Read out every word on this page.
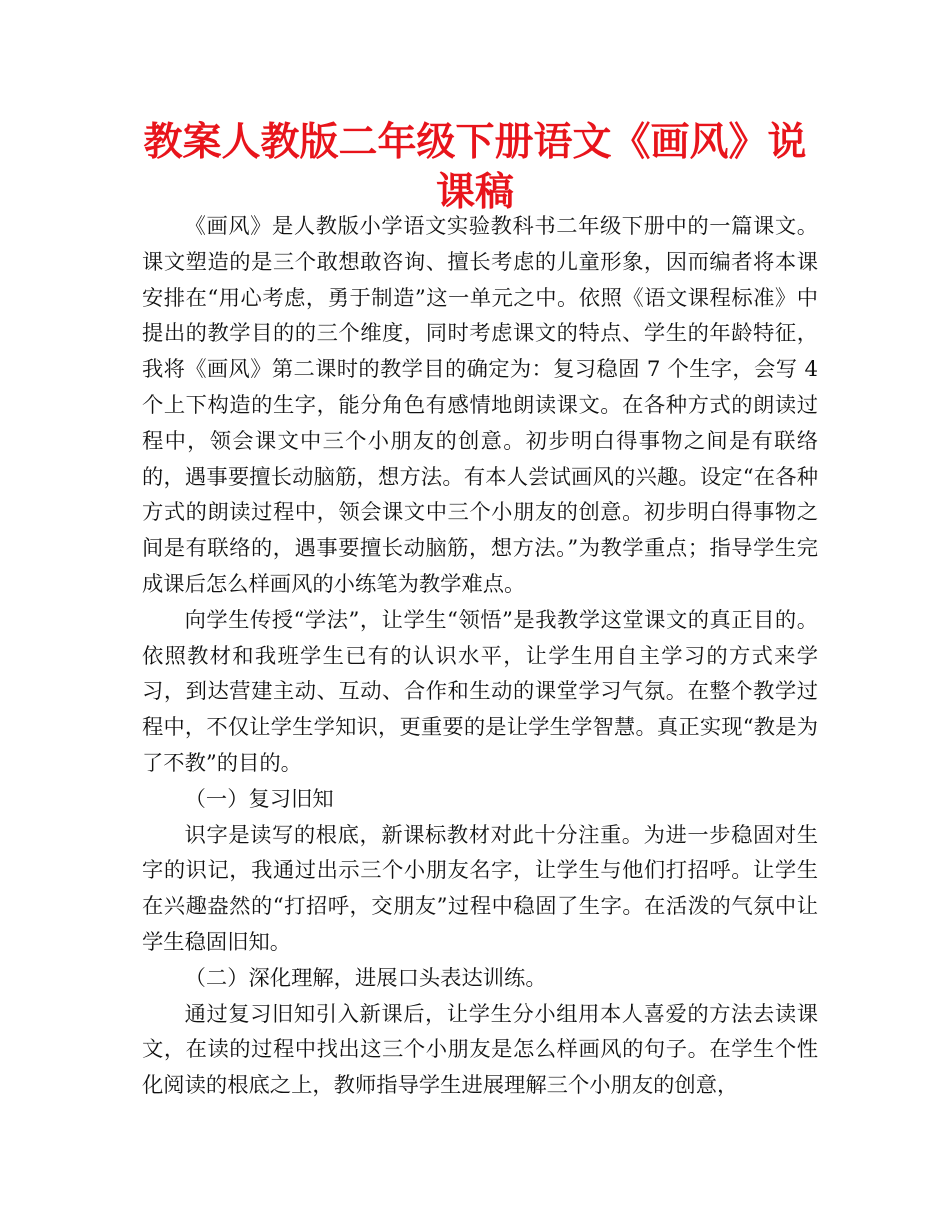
教案人教版二年级下册语文《画风》说课稿

《画风》是人教版小学语文实验教科书二年级下册中的一篇课文。课文塑造的是三个敢想敢咨询、擅长考虑的儿童形象，因而编者将本课安排在“用心考虑，勇于制造”这一单元之中。依照《语文课程标准》中提出的教学目的的三个维度，同时考虑课文的特点、学生的年龄特征，我将《画风》第二课时的教学目的确定为：复习稳固 7 个生字，会写 4 个上下构造的生字，能分角色有感情地朗读课文。在各种方式的朗读过程中，领会课文中三个小朋友的创意。初步明白得事物之间是有联络的，遇事要擅长动脑筋，想方法。有本人尝试画风的兴趣。设定“在各种方式的朗读过程中，领会课文中三个小朋友的创意。初步明白得事物之间是有联络的，遇事要擅长动脑筋，想方法。”为教学重点；指导学生完成课后怎么样画风的小练笔为教学难点。

向学生传授“学法”，让学生“领悟”是我教学这堂课文的真正目的。依照教材和我班学生已有的认识水平，让学生用自主学习的方式来学习，到达营建主动、互动、合作和生动的课堂学习气氛。在整个教学过程中，不仅让学生学知识，更重要的是让学生学智慧。真正实现“教是为了不教”的目的。

（一）复习旧知

识字是读写的根底，新课标教材对此十分注重。为进一步稳固对生字的识记，我通过出示三个小朋友名字，让学生与他们打招呼。让学生在兴趣盎然的“打招呼，交朋友”过程中稳固了生字。在活泼的气氛中让学生稳固旧知。

（二）深化理解，进展口头表达训练。

通过复习旧知引入新课后，让学生分小组用本人喜爱的方法去读课文，在读的过程中找出这三个小朋友是怎么样画风的句子。在学生个性化阅读的根底之上，教师指导学生进展理解三个小朋友的创意，
